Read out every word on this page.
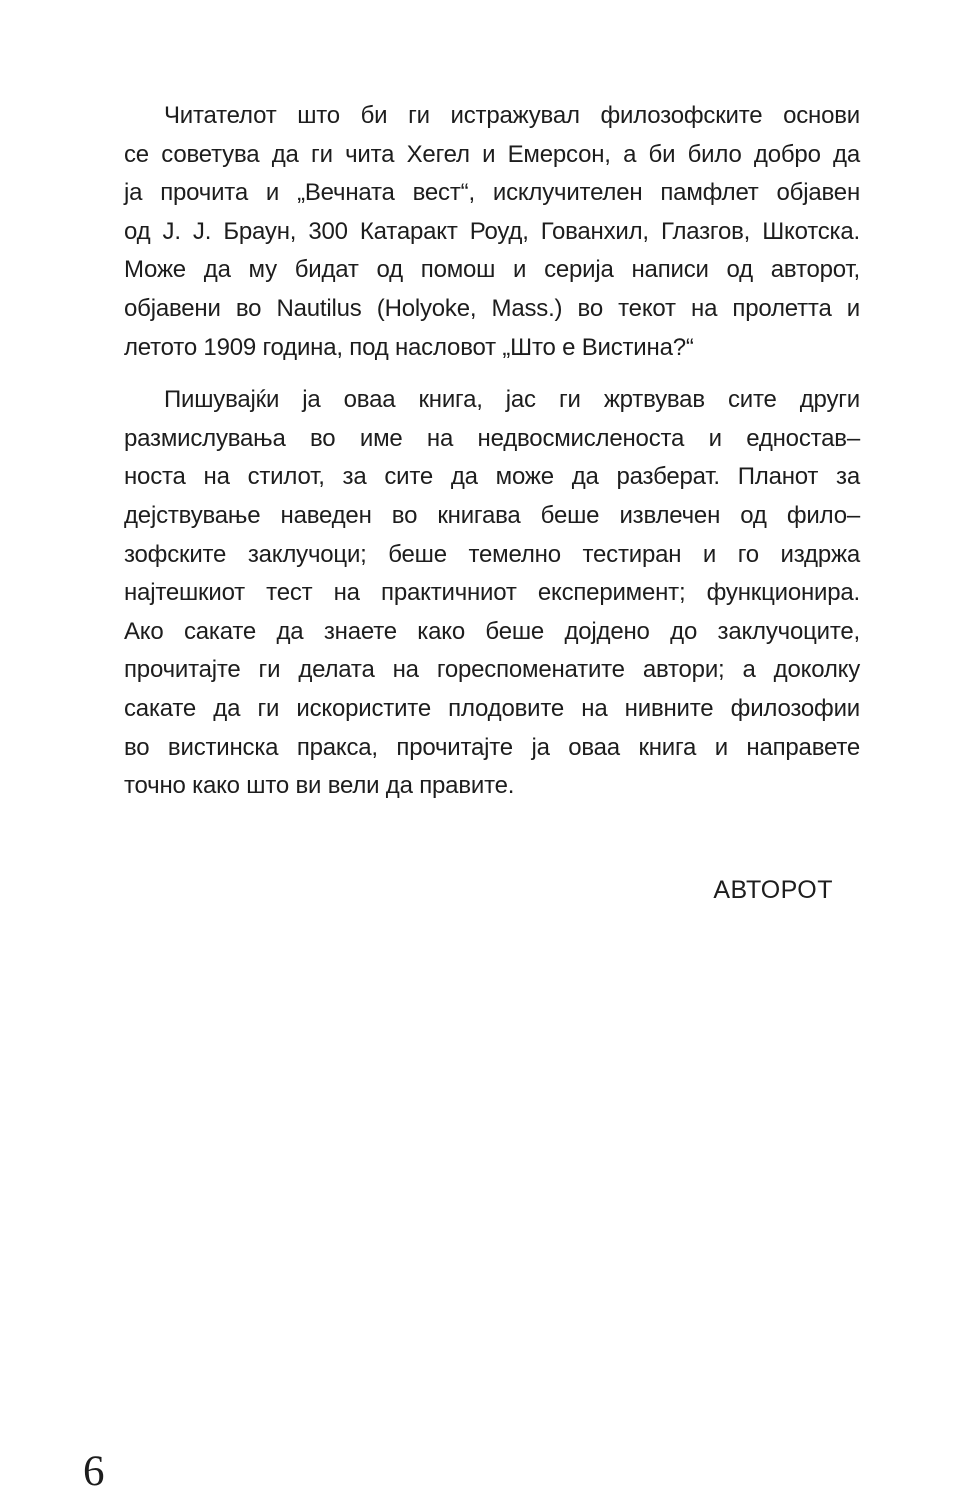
Читателот што би ги истражувал филозофските основи
се советува да ги чита Хегел и Емерсон, а би било добро да
ја прочита и „Вечната вест“, исклучителен памфлет објавен
од Ј. Ј. Браун, 300 Катаракт Роуд, Гованхил, Глазгов, Шкотска.
Може да му бидат од помош и серија написи од авторот,
објавени во Nautilus (Holyoke, Mass.) во текот на пролетта и
летото 1909 година, под насловот „Што е Вистина?“
Пишувајќи ја оваа книга, јас ги жртвував сите други
размислувања во име на недвосмисленоста и едностав–
носта на стилот, за сите да може да разберат. Планот за
дејствување наведен во книгава беше извлечен од фило–
зофските заклучоци; беше темелно тестиран и го издржа
најтешкиот тест на практичниот експеримент; функционира.
Ако сакате да знаете како беше дојдено до заклучоците,
прочитајте ги делата на гореспоменатите автори; а доколку
сакате да ги искористите плодовите на нивните филозофии
во вистинска пракса, прочитајте ја оваа книга и направете
точно како што ви вели да правите.
АВТОРОТ
6
